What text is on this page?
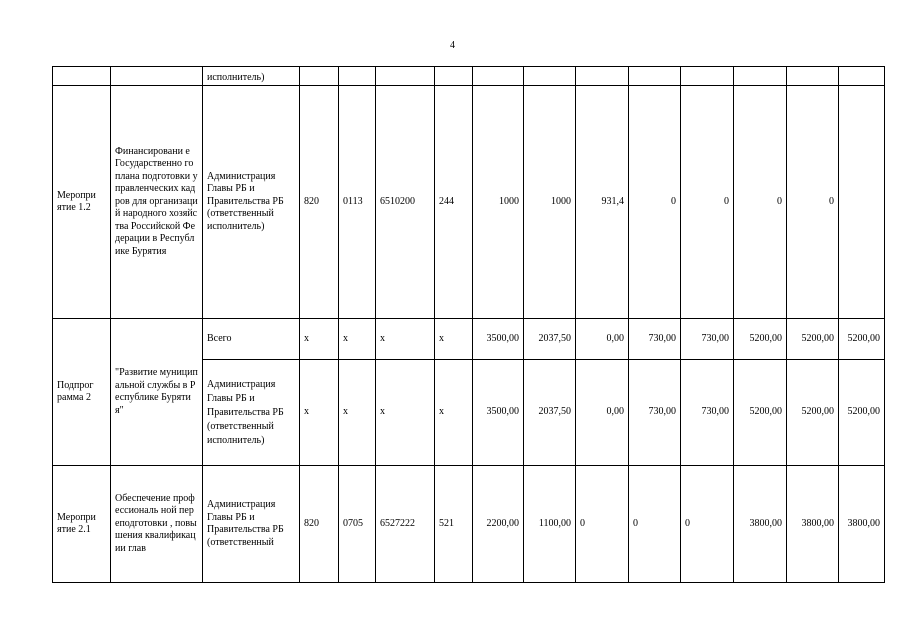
4
		исполнитель)												
Меропри ятие 1.2	Финансировани е Государственно го плана подготовки управленческих кадров для организаций народного хозяйства Российской Федерации в Республике Бурятия	Администрация Главы РБ и Правительства РБ (ответственный исполнитель)	820	0113	6510200	244	1000	1000	931,4	0	0	0	0	
Подпрог рамма 2	"Развитие муниципальной службы в Республике Бурятия"	Всего	x	x	x	x	3500,00	2037,50	0,00	730,00	730,00	5200,00	5200,00	5200,00
		Администрация Главы РБ и Правительства РБ (ответственный исполнитель)	x	x	x	x	3500,00	2037,50	0,00	730,00	730,00	5200,00	5200,00	5200,00
Меропри ятие 2.1	Обеспечение профессиональ ной переподготовки , повышения квалификации глав	Администрация Главы РБ и Правительства РБ (ответственный	820	0705	6527222	521	2200,00	1100,00	0	0	0	3800,00	3800,00	3800,00
